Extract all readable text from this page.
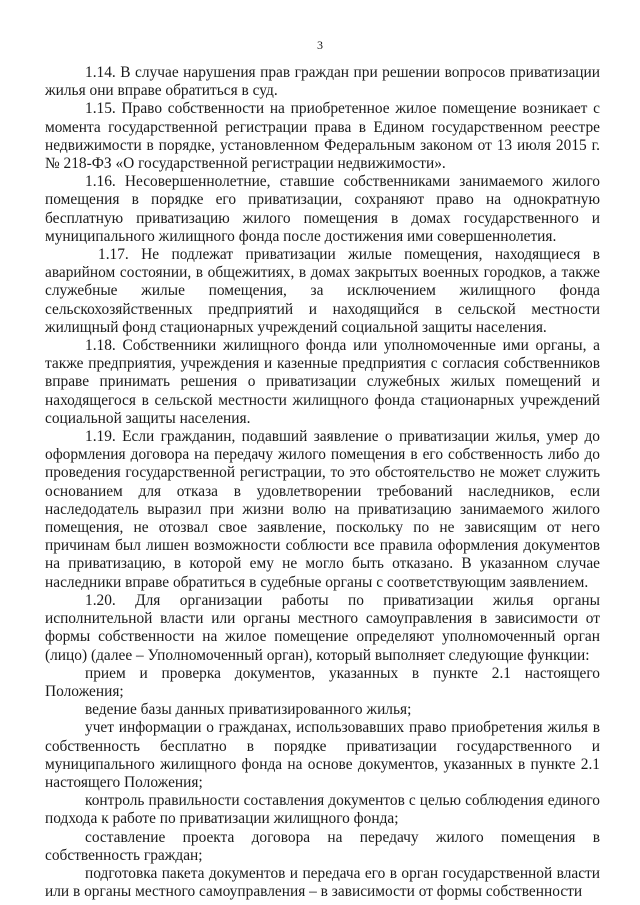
3

1.14. В случае нарушения прав граждан при решении вопросов приватизации жилья они вправе обратиться в суд.

1.15. Право собственности на приобретенное жилое помещение возникает с момента государственной регистрации права в Едином государственном реестре недвижимости в порядке, установленном Федеральным законом от 13 июля 2015 г. № 218-ФЗ «О государственной регистрации недвижимости».

1.16. Несовершеннолетние, ставшие собственниками занимаемого жилого помещения в порядке его приватизации, сохраняют право на однократную бесплатную приватизацию жилого помещения в домах государственного и муниципального жилищного фонда после достижения ими совершеннолетия.

1.17. Не подлежат приватизации жилые помещения, находящиеся в аварийном состоянии, в общежитиях, в домах закрытых военных городков, а также служебные жилые помещения, за исключением жилищного фонда сельскохозяйственных предприятий и находящийся в сельской местности жилищный фонд стационарных учреждений социальной защиты населения.

1.18. Собственники жилищного фонда или уполномоченные ими органы, а также предприятия, учреждения и казенные предприятия с согласия собственников вправе принимать решения о приватизации служебных жилых помещений и находящегося в сельской местности жилищного фонда стационарных учреждений социальной защиты населения.

1.19. Если гражданин, подавший заявление о приватизации жилья, умер до оформления договора на передачу жилого помещения в его собственность либо до проведения государственной регистрации, то это обстоятельство не может служить основанием для отказа в удовлетворении требований наследников, если наследодатель выразил при жизни волю на приватизацию занимаемого жилого помещения, не отозвал свое заявление, поскольку по не зависящим от него причинам был лишен возможности соблюсти все правила оформления документов на приватизацию, в которой ему не могло быть отказано. В указанном случае наследники вправе обратиться в судебные органы с соответствующим заявлением.

1.20. Для организации работы по приватизации жилья органы исполнительной власти или органы местного самоуправления в зависимости от формы собственности на жилое помещение определяют уполномоченный орган (лицо) (далее – Уполномоченный орган), который выполняет следующие функции:

прием и проверка документов, указанных в пункте 2.1 настоящего Положения;

ведение базы данных приватизированного жилья;

учет информации о гражданах, использовавших право приобретения жилья в собственность бесплатно в порядке приватизации государственного и муниципального жилищного фонда на основе документов, указанных в пункте 2.1 настоящего Положения;

контроль правильности составления документов с целью соблюдения единого подхода к работе по приватизации жилищного фонда;

составление проекта договора на передачу жилого помещения в собственность граждан;

подготовка пакета документов и передача его в орган государственной власти или в органы местного самоуправления – в зависимости от формы собственности
